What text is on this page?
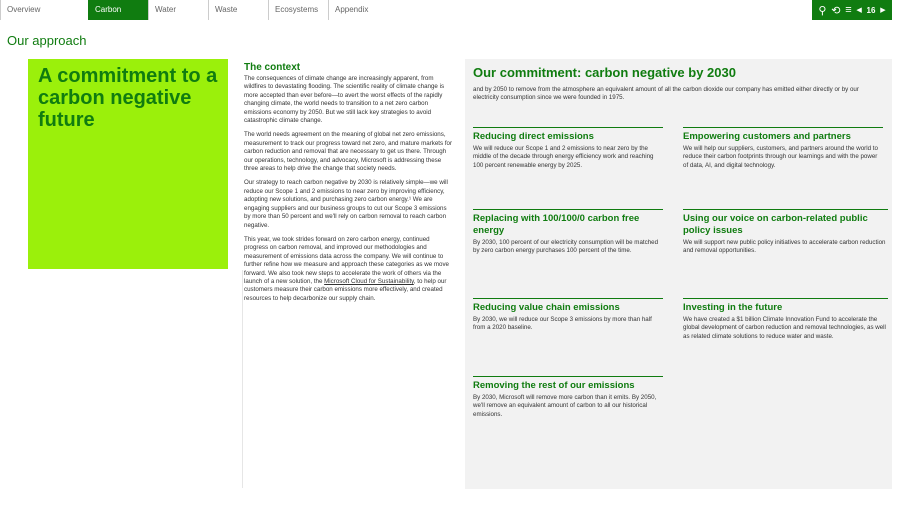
Overview	Carbon	Water	Waste	Ecosystems	Appendix	⚲ ⟲ ≡ ◀ 16 ▶
Our approach
A commitment to a carbon negative future
The context

The consequences of climate change are increasingly apparent, from wildfires to devastating flooding. The scientific reality of climate change is more accepted than ever before—to avert the worst effects of the rapidly changing climate, the world needs to transition to a net zero carbon emissions economy by 2050. But we still lack key strategies to avoid catastrophic climate change.

The world needs agreement on the meaning of global net zero emissions, measurement to track our progress toward net zero, and mature markets for carbon reduction and removal that are necessary to get us there. Through our operations, technology, and advocacy, Microsoft is addressing these three areas to help drive the change that society needs.

Our strategy to reach carbon negative by 2030 is relatively simple—we will reduce our Scope 1 and 2 emissions to near zero by improving efficiency, adopting new solutions, and purchasing zero carbon energy.¹ We are engaging suppliers and our business groups to cut our Scope 3 emissions by more than 50 percent and we'll rely on carbon removal to reach carbon negative.

This year, we took strides forward on zero carbon energy, continued progress on carbon removal, and improved our methodologies and measurement of emissions data across the company. We will continue to further refine how we measure and approach these categories as we move forward. We also took new steps to accelerate the work of others via the launch of a new solution, the Microsoft Cloud for Sustainability, to help our customers measure their carbon emissions more effectively, and created resources to help decarbonize our supply chain.

Our commitment: carbon negative by 2030

and by 2050 to remove from the atmosphere an equivalent amount of all the carbon dioxide our company has emitted either directly or by our electricity consumption since we were founded in 1975.

Reducing direct emissions

We will reduce our Scope 1 and 2 emissions to near zero by the middle of the decade through energy efficiency work and reaching 100 percent renewable energy by 2025.

Empowering customers and partners

We will help our suppliers, customers, and partners around the world to reduce their carbon footprints through our learnings and with the power of data, AI, and digital technology.

Replacing with 100/100/0 carbon free energy

By 2030, 100 percent of our electricity consumption will be matched by zero carbon energy purchases 100 percent of the time.

Using our voice on carbon-related public policy issues

We will support new public policy initiatives to accelerate carbon reduction and removal opportunities.

Reducing value chain emissions

By 2030, we will reduce our Scope 3 emissions by more than half from a 2020 baseline.

Investing in the future

We have created a $1 billion Climate Innovation Fund to accelerate the global development of carbon reduction and removal technologies, as well as related climate solutions to reduce water and waste.

Removing the rest of our emissions

By 2030, Microsoft will remove more carbon than it emits. By 2050, we'll remove an equivalent amount of carbon to all our historical emissions.
